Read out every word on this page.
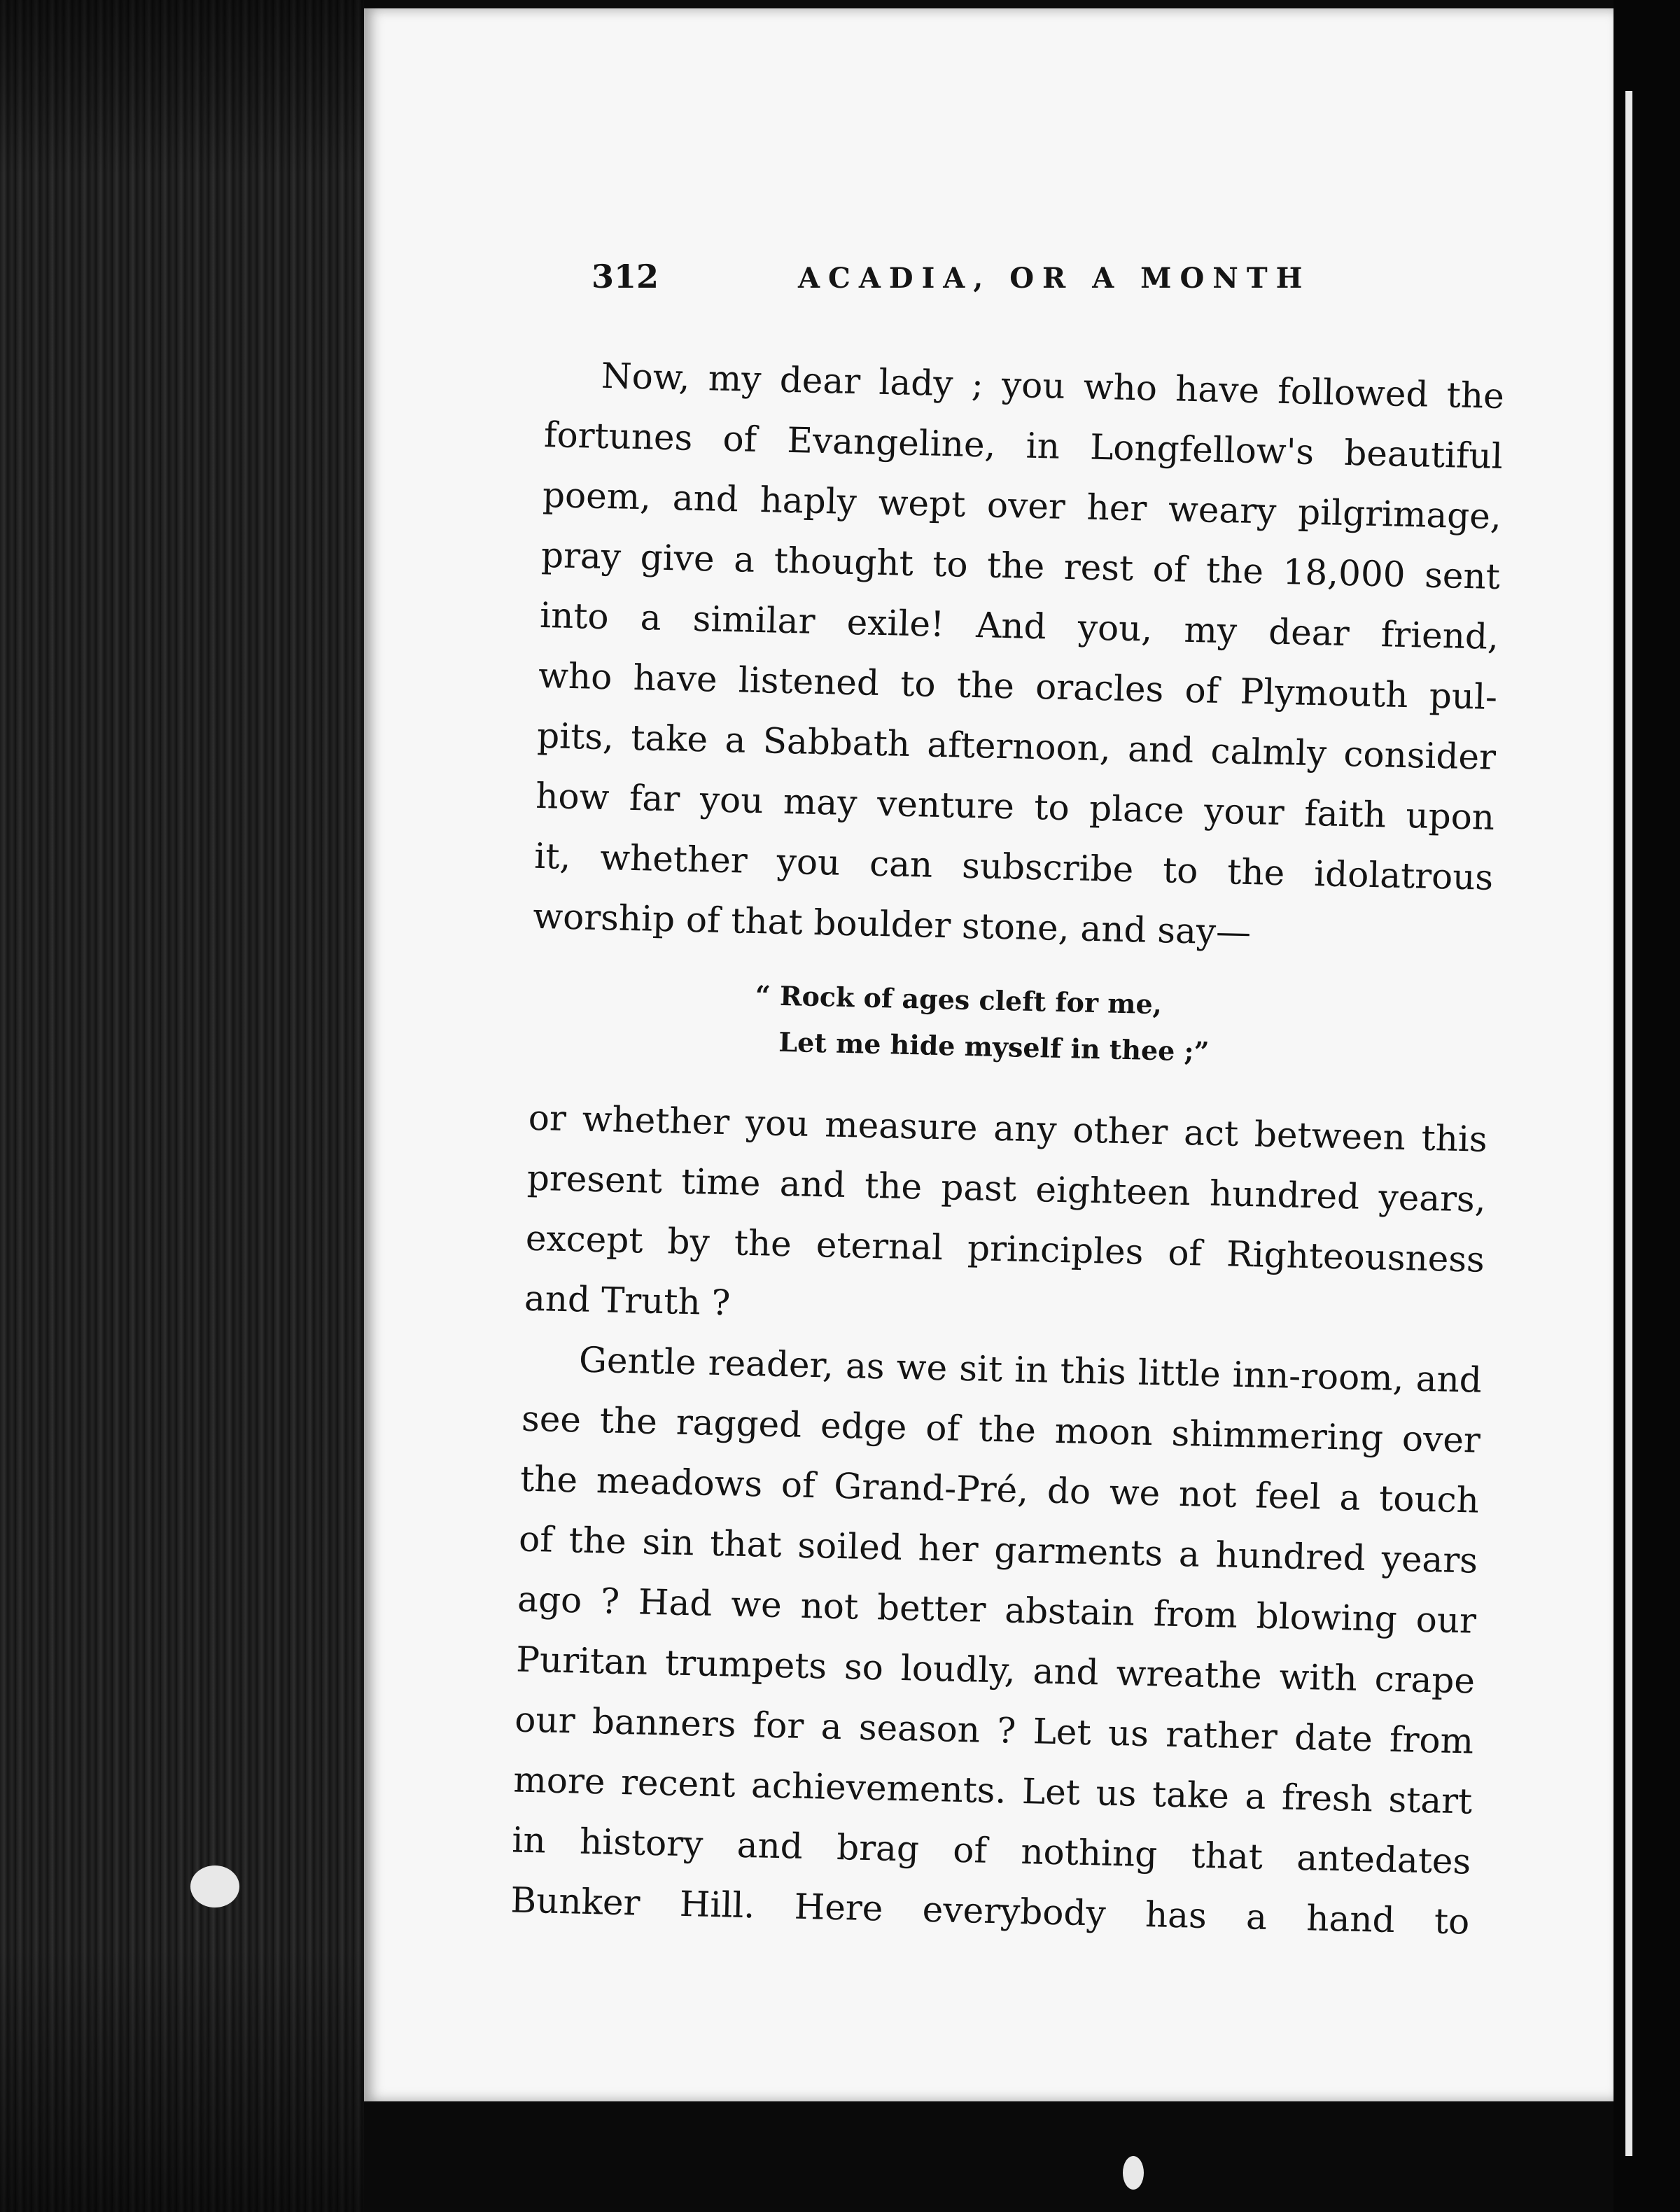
312	ACADIA, OR A MONTH
Now, my dear lady ; you who have followed the
fortunes of Evangeline, in Longfellow's beautiful
poem, and haply wept over her weary pilgrimage,
pray give a thought to the rest of the 18,000 sent
into a similar exile! And you, my dear friend,
who have listened to the oracles of Plymouth pul-
pits, take a Sabbath afternoon, and calmly consider
how far you may venture to place your faith upon
it, whether you can subscribe to the idolatrous
worship of that boulder stone, and say—
“ Rock of ages cleft for me,
Let me hide myself in thee ;”
or whether you measure any other act between this
present time and the past eighteen hundred years,
except by the eternal principles of Righteousness
and Truth ?
Gentle reader, as we sit in this little inn-room, and
see the ragged edge of the moon shimmering over
the meadows of Grand-Pré, do we not feel a touch
of the sin that soiled her garments a hundred years
ago ? Had we not better abstain from blowing our
Puritan trumpets so loudly, and wreathe with crape
our banners for a season ? Let us rather date from
more recent achievements. Let us take a fresh start
in history and brag of nothing that antedates
Bunker Hill. Here everybody has a hand to
